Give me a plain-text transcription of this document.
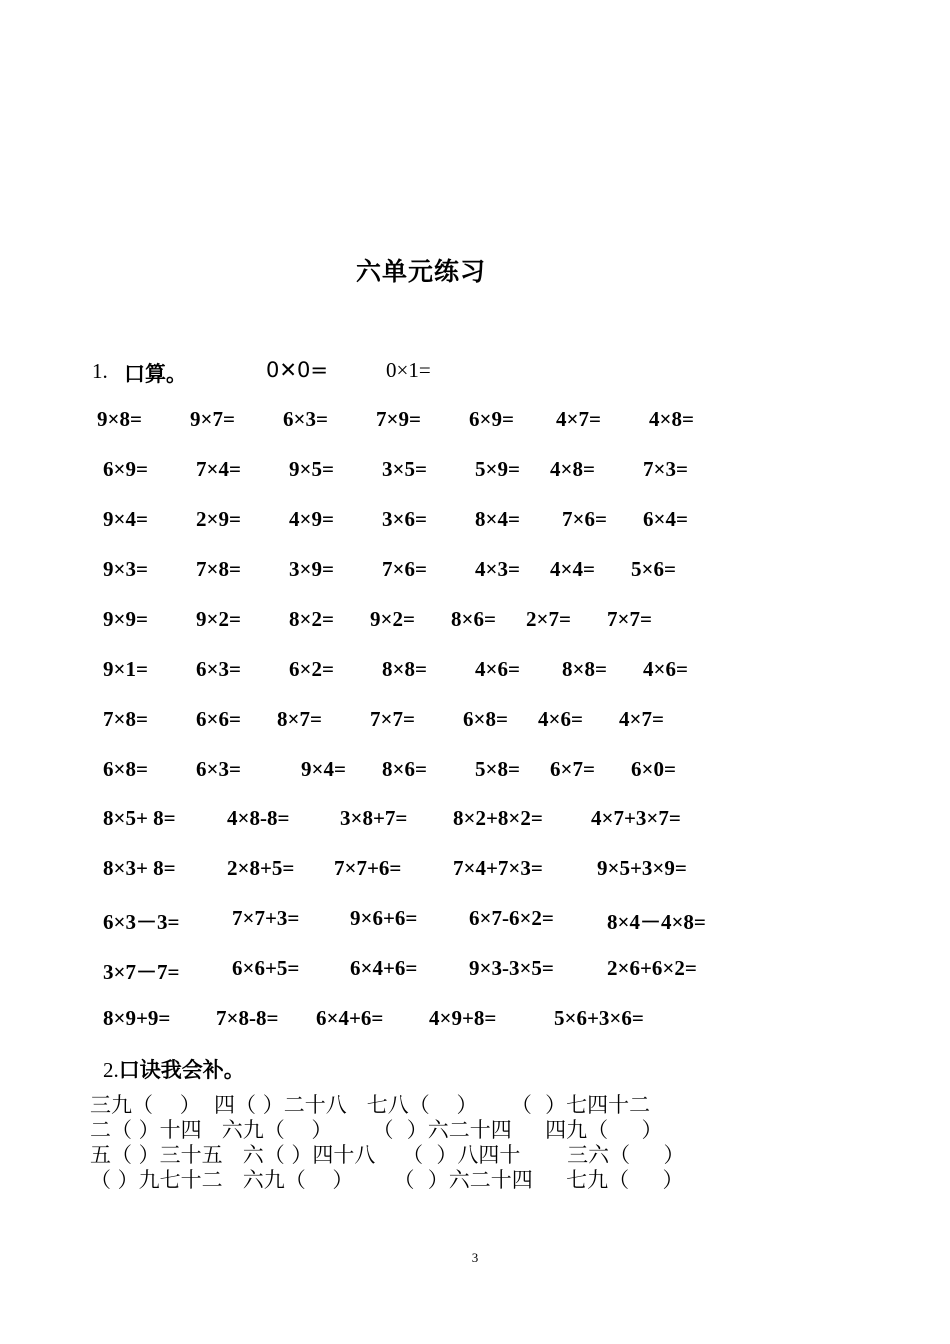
六单元练习
1. 口算。	0✕0=	0×1=
9×8= 9×7= 6×3= 7×9= 6×9= 4×7= 4×8=
6×9= 7×4= 9×5= 3×5= 5×9= 4×8= 7×3=
9×4= 2×9= 4×9= 3×6= 8×4= 7×6= 6×4=
9×3= 7×8= 3×9= 7×6= 4×3= 4×4= 5×6=
9×9= 9×2= 8×2= 9×2= 8×6= 2×7= 7×7=
9×1= 6×3= 6×2= 8×8= 4×6= 8×8= 4×6=
7×8= 6×6= 8×7= 7×7= 6×8= 4×6= 4×7=
6×8= 6×3=	9×4= 8×6= 5×8= 6×7= 6×0=
8×5+ 8= 4×8-8= 3×8+7= 8×2+8×2= 4×7+3×7=
8×3+ 8= 2×8+5= 7×7+6= 7×4+7×3=	9×5+3×9=
6×3－3=	7×7+3= 9×6+6= 6×7-6×2=	8×4－4×8=
3×7－7=	6×6+5= 6×4+6= 9×3-3×5=	2×6+6×2=
8×9+9= 7×8-8= 6×4+6= 4×9+8=	5×6+3×6=
2.口诀我会补。
三九（    ）  四（ ）二十八   七八（    ）     （  ）七四十二
二（ ）十四   六九（    ）      （  ）六二十四     四九（     ）
五（ ）三十五   六（ ）四十八    （  ）八四十       三六（     ）
（ ）九七十二   六九（    ）      （  ）六二十四     七九（     ）
3
